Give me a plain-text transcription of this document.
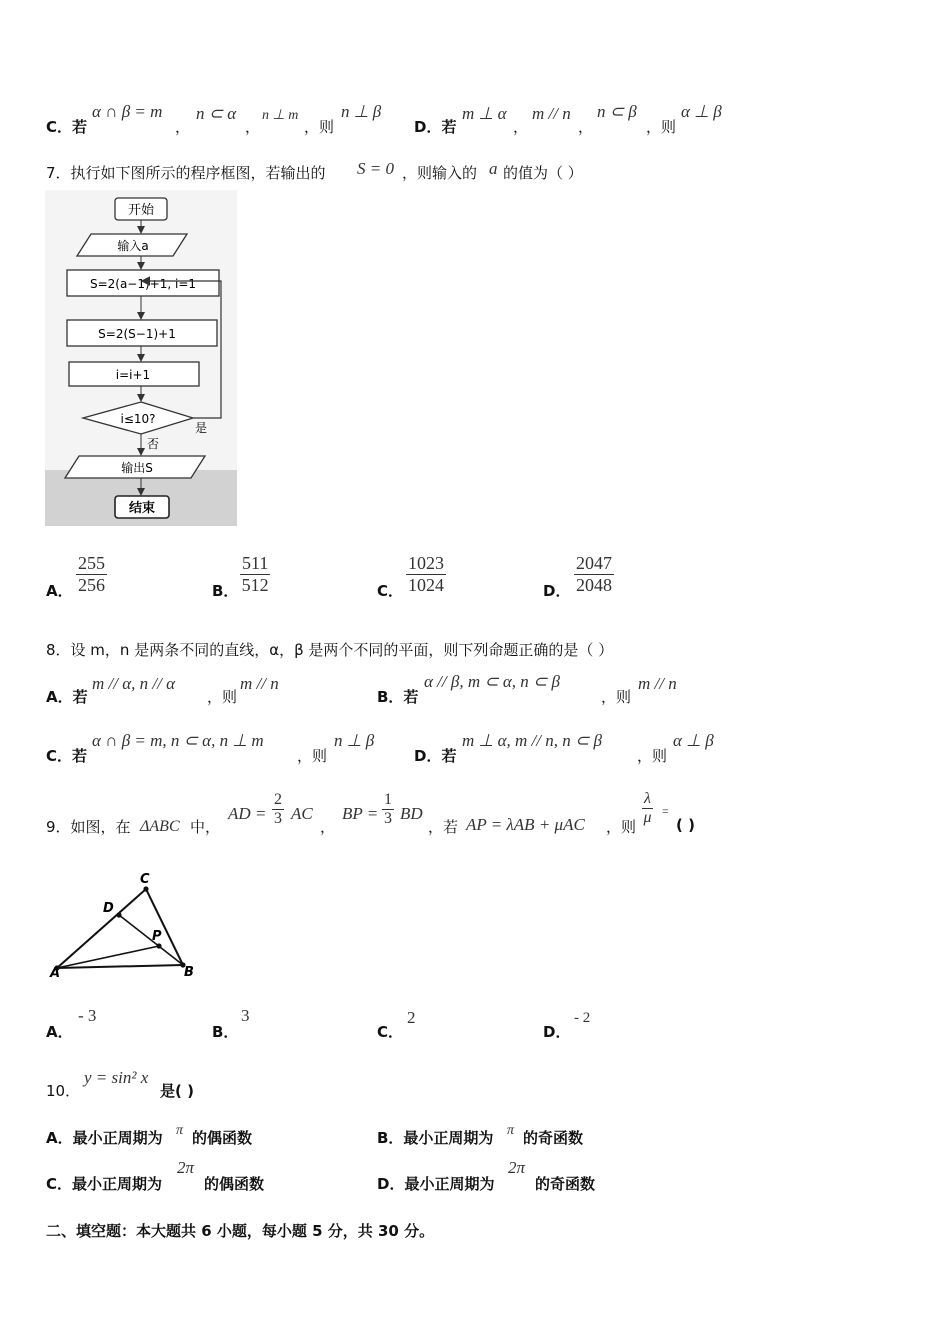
C．若
α ∩ β = m
，
n ⊂ α
，
n ⊥ m
，则
n ⊥ β
D．若
m ⊥ α
，
m // n
，
n ⊂ β
，则
α ⊥ β
7．执行如下图所示的程序框图，若输出的 S = 0 ，则输入的 a 的值为（ ）
开始
输入a
S=2(a−1)+1, i=1
S=2(S−1)+1
i=i+1
i≤10?
是
否
输出S
结束
A． $\frac{255}{256}$	B． $\frac{511}{512}$	C． $\frac{1023}{1024}$	D． $\frac{2047}{2048}$
8．设 m，n 是两条不同的直线，α，β 是两个不同的平面，则下列命题正确的是（ ）
A．若
m // α, n // α
，则
m // n
B．若
α // β, m ⊂ α, n ⊂ β
，则
m // n
C．若
α ∩ β = m, n ⊂ α, n ⊥ m
，则
n ⊥ β
D．若
m ⊥ α, m // n, n ⊂ β
，则
α ⊥ β
9．如图，在 ΔABC 中，
AD = $\frac{2}{3}$ AC
，
BP = $\frac{1}{3}$ BD
，若 AP = λAB + μAC ，则 $\frac{\lambda}{\mu}$ =
( )
A
C
B
D
P
A．
- 3
B．
3
C．
2
D．
- 2
10．
y = sin² x
是( )
A．最小正周期为 π 的偶函数	B．最小正周期为 π 的奇函数
C．最小正周期为
2π
的偶函数	D．最小正周期为
2π
的奇函数
二、填空题：本大题共 6 小题，每小题 5 分，共 30 分。
